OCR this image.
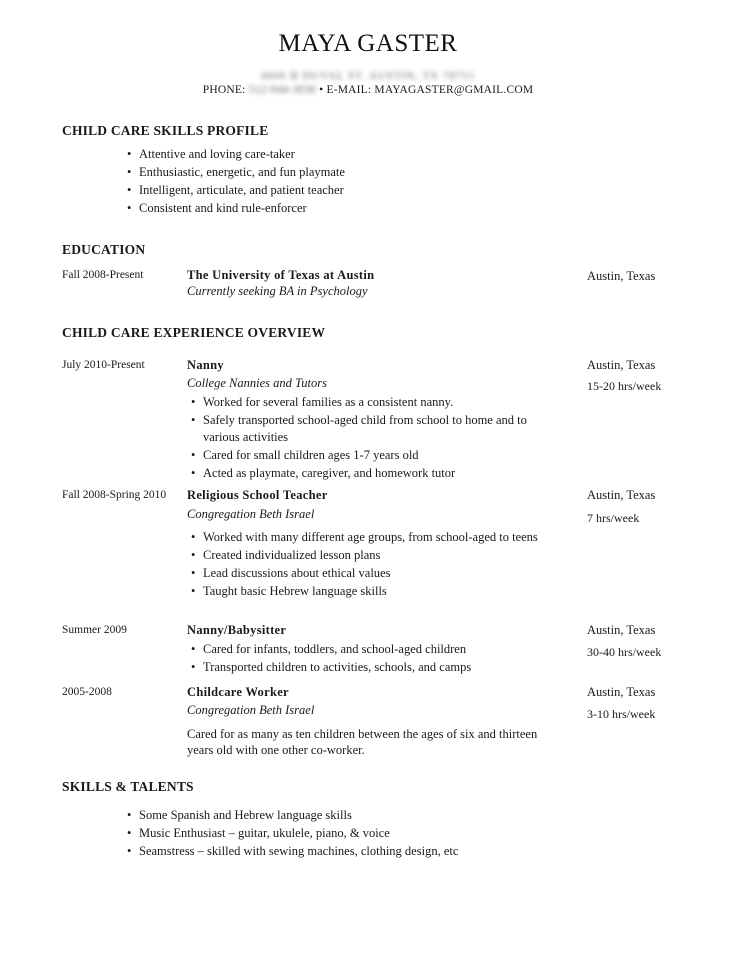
MAYA GASTER
4606 B DUVAL ST. AUSTIN, TX 78751
PHONE: 512-944-3030 • E-MAIL: MAYAGASTER@GMAIL.COM
CHILD CARE SKILLS PROFILE
• Attentive and loving care-taker
• Enthusiastic, energetic, and fun playmate
• Intelligent, articulate, and patient teacher
• Consistent and kind rule-enforcer
EDUCATION
Fall 2008-Present	The University of Texas at Austin
Currently seeking BA in Psychology
Austin, Texas
CHILD CARE EXPERIENCE OVERVIEW
July 2010-Present	Nanny
College Nannies and Tutors
Austin, Texas
15-20 hrs/week
• Worked for several families as a consistent nanny.
• Safely transported school-aged child from school to home and to various activities
• Cared for small children ages 1-7 years old
• Acted as playmate, caregiver, and homework tutor
Fall 2008-Spring 2010 Religious School Teacher
Congregation Beth Israel
Austin, Texas
7 hrs/week
• Worked with many different age groups, from school-aged to teens
• Created individualized lesson plans
• Lead discussions about ethical values
• Taught basic Hebrew language skills
Summer 2009	Nanny/Babysitter	Austin, Texas
30-40 hrs/week
• Cared for infants, toddlers, and school-aged children
• Transported children to activities, schools, and camps
2005-2008	Childcare Worker
Congregation Beth Israel
Austin, Texas
3-10 hrs/week
Cared for as many as ten children between the ages of six and thirteen years old with one other co-worker.
SKILLS & TALENTS
• Some Spanish and Hebrew language skills
• Music Enthusiast – guitar, ukulele, piano, & voice
• Seamstress – skilled with sewing machines, clothing design, etc
